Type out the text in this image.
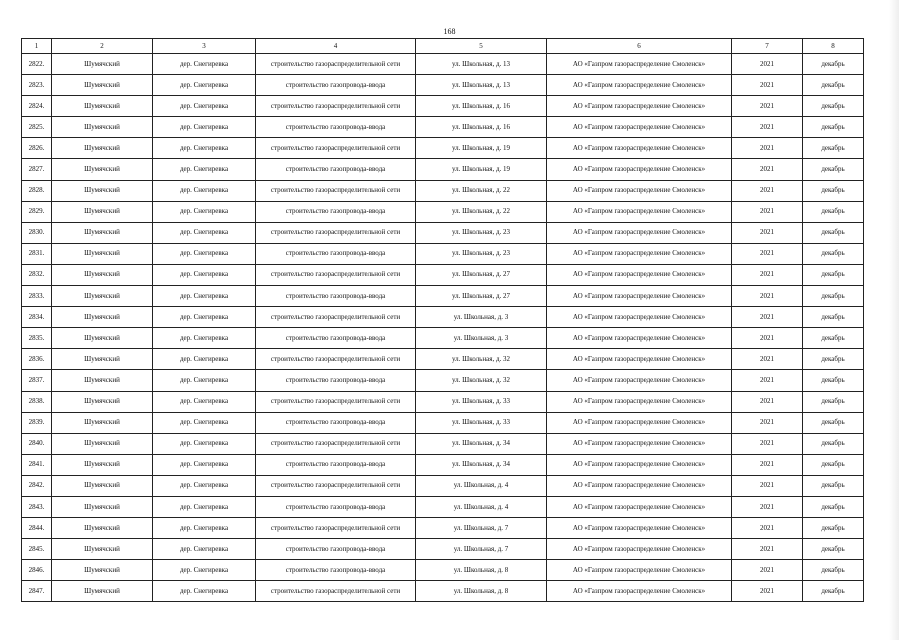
168
1	2	3	4	5	6	7	8
2822.	Шумячский	дер. Снегиревка	строительство газораспределительной сети	ул. Школьная, д. 13	АО «Газпром газораспределение Смоленск»	2021	декабрь
2823.	Шумячский	дер. Снегиревка	строительство газопровода-ввода	ул. Школьная, д. 13	АО «Газпром газораспределение Смоленск»	2021	декабрь
2824.	Шумячский	дер. Снегиревка	строительство газораспределительной сети	ул. Школьная, д. 16	АО «Газпром газораспределение Смоленск»	2021	декабрь
2825.	Шумячский	дер. Снегиревка	строительство газопровода-ввода	ул. Школьная, д. 16	АО «Газпром газораспределение Смоленск»	2021	декабрь
2826.	Шумячский	дер. Снегиревка	строительство газораспределительной сети	ул. Школьная, д. 19	АО «Газпром газораспределение Смоленск»	2021	декабрь
2827.	Шумячский	дер. Снегиревка	строительство газопровода-ввода	ул. Школьная, д. 19	АО «Газпром газораспределение Смоленск»	2021	декабрь
2828.	Шумячский	дер. Снегиревка	строительство газораспределительной сети	ул. Школьная, д. 22	АО «Газпром газораспределение Смоленск»	2021	декабрь
2829.	Шумячский	дер. Снегиревка	строительство газопровода-ввода	ул. Школьная, д. 22	АО «Газпром газораспределение Смоленск»	2021	декабрь
2830.	Шумячский	дер. Снегиревка	строительство газораспределительной сети	ул. Школьная, д. 23	АО «Газпром газораспределение Смоленск»	2021	декабрь
2831.	Шумячский	дер. Снегиревка	строительство газопровода-ввода	ул. Школьная, д. 23	АО «Газпром газораспределение Смоленск»	2021	декабрь
2832.	Шумячский	дер. Снегиревка	строительство газораспределительной сети	ул. Школьная, д. 27	АО «Газпром газораспределение Смоленск»	2021	декабрь
2833.	Шумячский	дер. Снегиревка	строительство газопровода-ввода	ул. Школьная, д. 27	АО «Газпром газораспределение Смоленск»	2021	декабрь
2834.	Шумячский	дер. Снегиревка	строительство газораспределительной сети	ул. Школьная, д. 3	АО «Газпром газораспределение Смоленск»	2021	декабрь
2835.	Шумячский	дер. Снегиревка	строительство газопровода-ввода	ул. Школьная, д. 3	АО «Газпром газораспределение Смоленск»	2021	декабрь
2836.	Шумячский	дер. Снегиревка	строительство газораспределительной сети	ул. Школьная, д. 32	АО «Газпром газораспределение Смоленск»	2021	декабрь
2837.	Шумячский	дер. Снегиревка	строительство газопровода-ввода	ул. Школьная, д. 32	АО «Газпром газораспределение Смоленск»	2021	декабрь
2838.	Шумячский	дер. Снегиревка	строительство газораспределительной сети	ул. Школьная, д. 33	АО «Газпром газораспределение Смоленск»	2021	декабрь
2839.	Шумячский	дер. Снегиревка	строительство газопровода-ввода	ул. Школьная, д. 33	АО «Газпром газораспределение Смоленск»	2021	декабрь
2840.	Шумячский	дер. Снегиревка	строительство газораспределительной сети	ул. Школьная, д. 34	АО «Газпром газораспределение Смоленск»	2021	декабрь
2841.	Шумячский	дер. Снегиревка	строительство газопровода-ввода	ул. Школьная, д. 34	АО «Газпром газораспределение Смоленск»	2021	декабрь
2842.	Шумячский	дер. Снегиревка	строительство газораспределительной сети	ул. Школьная, д. 4	АО «Газпром газораспределение Смоленск»	2021	декабрь
2843.	Шумячский	дер. Снегиревка	строительство газопровода-ввода	ул. Школьная, д. 4	АО «Газпром газораспределение Смоленск»	2021	декабрь
2844.	Шумячский	дер. Снегиревка	строительство газораспределительной сети	ул. Школьная, д. 7	АО «Газпром газораспределение Смоленск»	2021	декабрь
2845.	Шумячский	дер. Снегиревка	строительство газопровода-ввода	ул. Школьная, д. 7	АО «Газпром газораспределение Смоленск»	2021	декабрь
2846.	Шумячский	дер. Снегиревка	строительство газопровода-ввода	ул. Школьная, д. 8	АО «Газпром газораспределение Смоленск»	2021	декабрь
2847.	Шумячский	дер. Снегиревка	строительство газораспределительной сети	ул. Школьная, д. 8	АО «Газпром газораспределение Смоленск»	2021	декабрь
